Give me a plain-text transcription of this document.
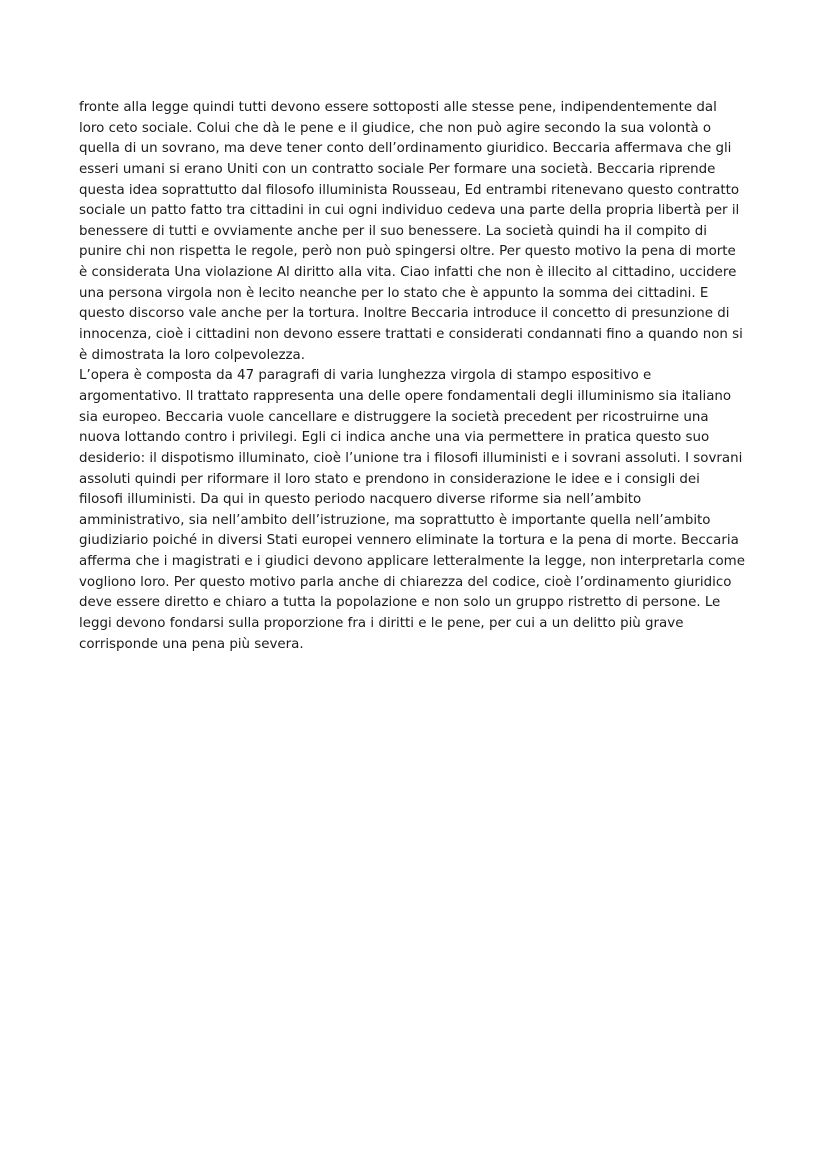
fronte alla legge quindi tutti devono essere sottoposti alle stesse pene, indipendentemente dal
loro ceto sociale. Colui che dà le pene e il giudice, che non può agire secondo la sua volontà o
quella di un sovrano, ma deve tener conto dell’ordinamento giuridico. Beccaria affermava che gli
esseri umani si erano Uniti con un contratto sociale Per formare una società. Beccaria riprende
questa idea soprattutto dal filosofo illuminista Rousseau, Ed entrambi ritenevano questo contratto
sociale un patto fatto tra cittadini in cui ogni individuo cedeva una parte della propria libertà per il
benessere di tutti e ovviamente anche per il suo benessere. La società quindi ha il compito di
punire chi non rispetta le regole, però non può spingersi oltre. Per questo motivo la pena di morte
è considerata Una violazione Al diritto alla vita. Ciao infatti che non è illecito al cittadino, uccidere
una persona virgola non è lecito neanche per lo stato che è appunto la somma dei cittadini. E
questo discorso vale anche per la tortura. Inoltre Beccaria introduce il concetto di presunzione di
innocenza, cioè i cittadini non devono essere trattati e considerati condannati fino a quando non si
è dimostrata la loro colpevolezza.
L’opera è composta da 47 paragrafi di varia lunghezza virgola di stampo espositivo e
argomentativo. Il trattato rappresenta una delle opere fondamentali degli illuminismo sia italiano
sia europeo. Beccaria vuole cancellare e distruggere la società precedent per ricostruirne una
nuova lottando contro i privilegi. Egli ci indica anche una via permettere in pratica questo suo
desiderio: il dispotismo illuminato, cioè l’unione tra i filosofi illuministi e i sovrani assoluti. I sovrani
assoluti quindi per riformare il loro stato e prendono in considerazione le idee e i consigli dei
filosofi illuministi. Da qui in questo periodo nacquero diverse riforme sia nell’ambito
amministrativo, sia nell’ambito dell’istruzione, ma soprattutto è importante quella nell’ambito
giudiziario poiché in diversi Stati europei vennero eliminate la tortura e la pena di morte. Beccaria
afferma che i magistrati e i giudici devono applicare letteralmente la legge, non interpretarla come
vogliono loro. Per questo motivo parla anche di chiarezza del codice, cioè l’ordinamento giuridico
deve essere diretto e chiaro a tutta la popolazione e non solo un gruppo ristretto di persone. Le
leggi devono fondarsi sulla proporzione fra i diritti e le pene, per cui a un delitto più grave
corrisponde una pena più severa.
